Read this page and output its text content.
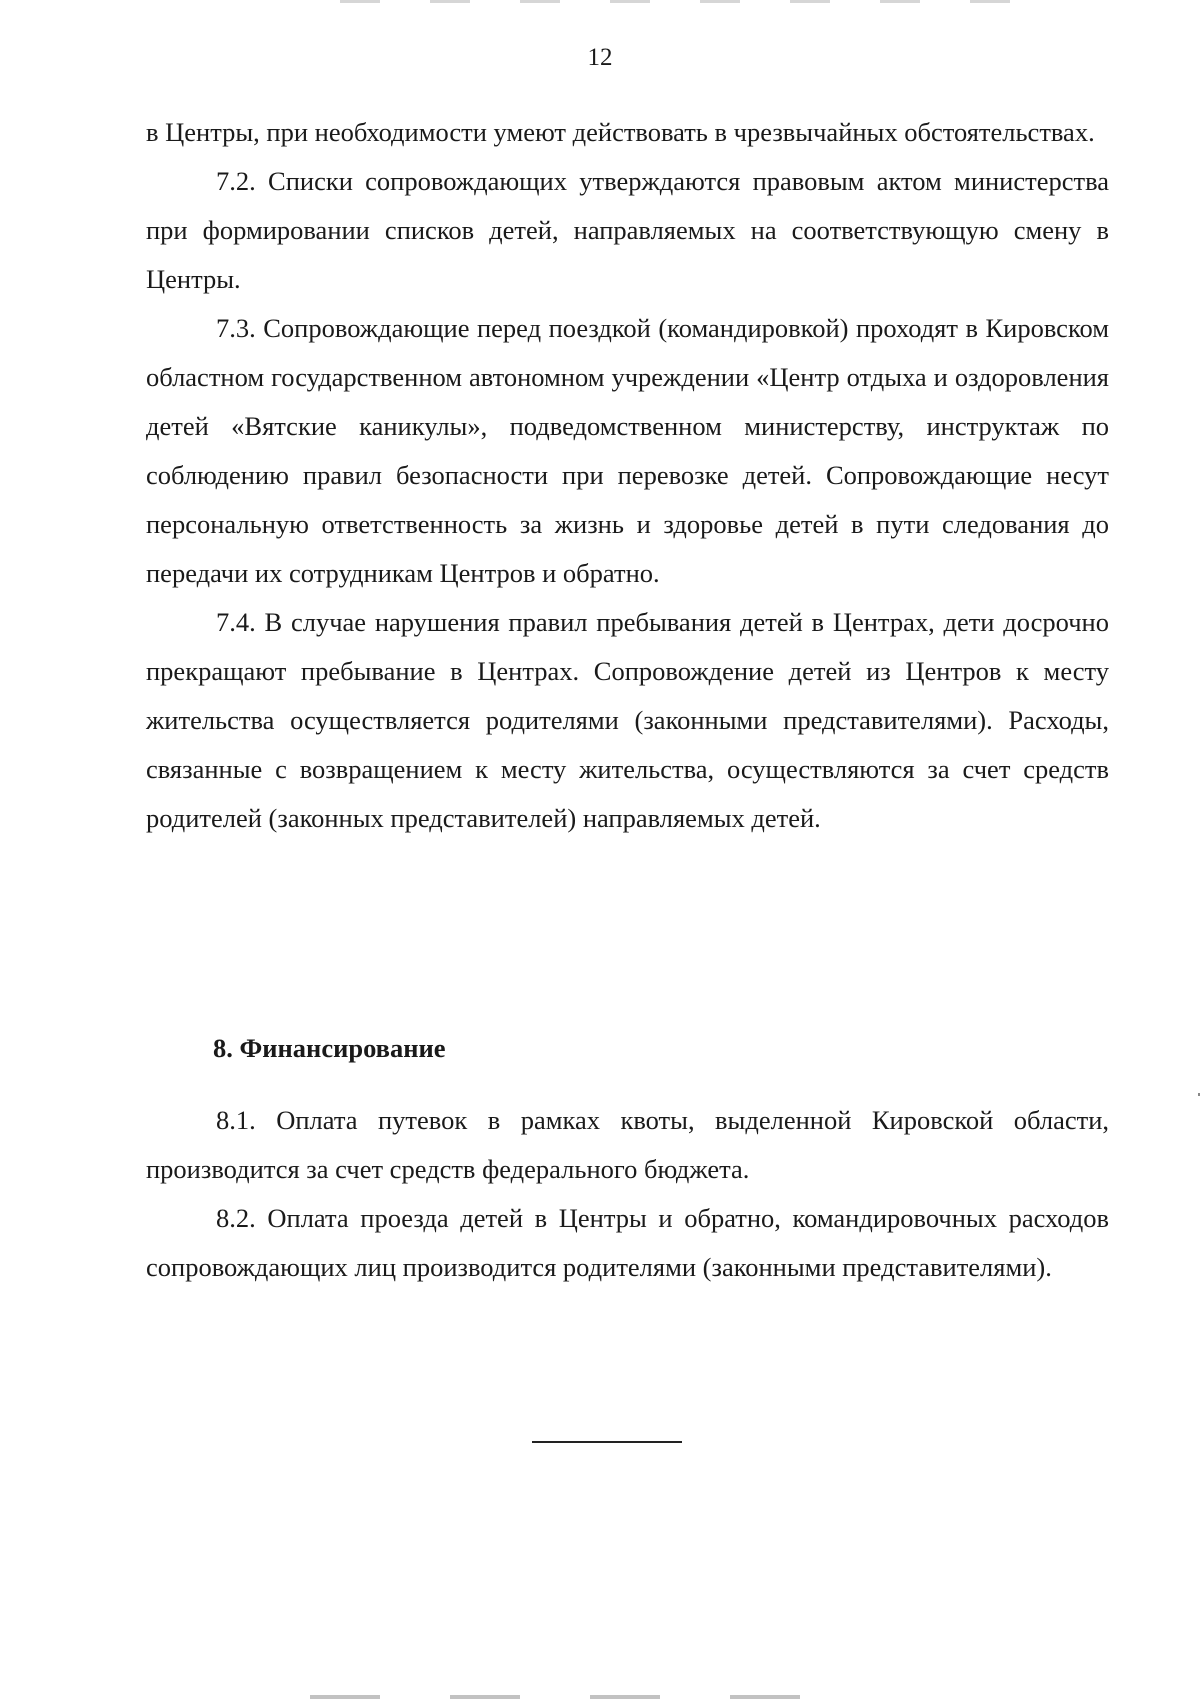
12

в Центры, при необходимости умеют действовать в чрезвычайных обстоятельствах.

7.2. Списки сопровождающих утверждаются правовым актом министерства при формировании списков детей, направляемых на соответствующую смену в Центры.

7.3. Сопровождающие перед поездкой (командировкой) проходят в Кировском областном государственном автономном учреждении «Центр отдыха и оздоровления детей «Вятские каникулы», подведомственном министерству, инструктаж по соблюдению правил безопасности при перевозке детей. Сопровождающие несут персональную ответственность за жизнь и здоровье детей в пути следования до передачи их сотрудникам Центров и обратно.

7.4. В случае нарушения правил пребывания детей в Центрах, дети досрочно прекращают пребывание в Центрах. Сопровождение детей из Центров к месту жительства осуществляется родителями (законными представителями). Расходы, связанные с возвращением к месту жительства, осуществляются за счет средств родителей (законных представителей) направляемых детей.

8. Финансирование

8.1. Оплата путевок в рамках квоты, выделенной Кировской области, производится за счет средств федерального бюджета.

8.2. Оплата проезда детей в Центры и обратно, командировочных расходов сопровождающих лиц производится родителями (законными представителями).
